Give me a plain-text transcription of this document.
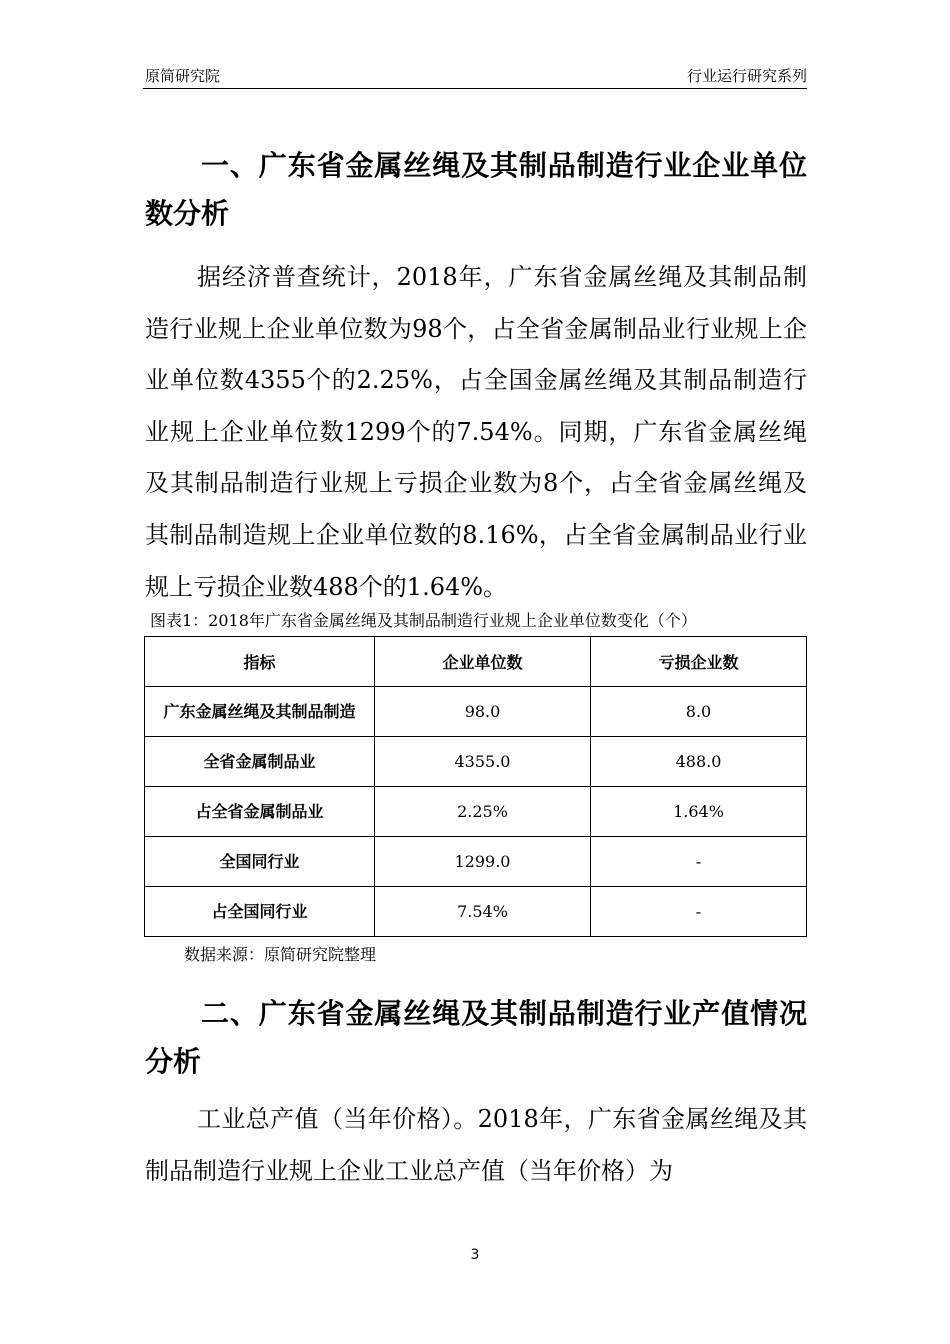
原简研究院	行业运行研究系列
一、广东省金属丝绳及其制品制造行业企业单位数分析

据经济普查统计，2018年，广东省金属丝绳及其制品制造行业规上企业单位数为98个，占全省金属制品业行业规上企业单位数4355个的2.25%，占全国金属丝绳及其制品制造行业规上企业单位数1299个的7.54%。同期，广东省金属丝绳及其制品制造行业规上亏损企业数为8个，占全省金属丝绳及其制品制造规上企业单位数的8.16%，占全省金属制品业行业规上亏损企业数488个的1.64%。

图表1：2018年广东省金属丝绳及其制品制造行业规上企业单位数变化（个）
指标	企业单位数	亏损企业数
广东金属丝绳及其制品制造	98.0	8.0
全省金属制品业	4355.0	488.0
占全省金属制品业	2.25%	1.64%
全国同行业	1299.0	-
占全国同行业	7.54%	-
数据来源：原简研究院整理
二、广东省金属丝绳及其制品制造行业产值情况分析

工业总产值（当年价格）。2018年，广东省金属丝绳及其制品制造行业规上企业工业总产值（当年价格）为

3
